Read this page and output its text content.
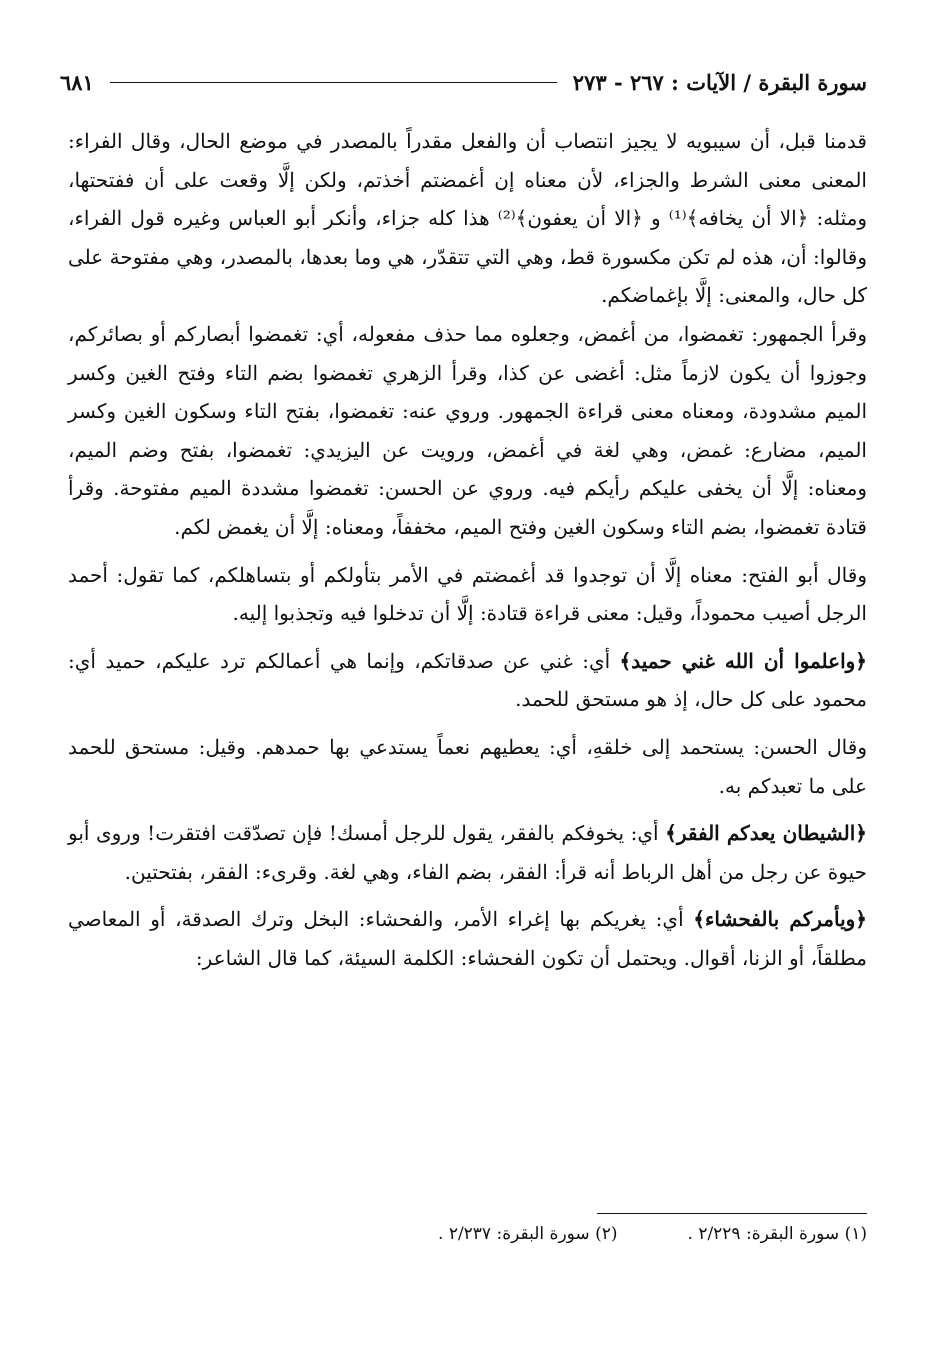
سورة البقرة / الآيات : ٢٦٧ - ٢٧٣
٦٨١

قدمنا قبل، أن سيبويه لا يجيز انتصاب أن والفعل مقدراً بالمصدر في موضع الحال، وقال الفراء: المعنى معنى الشرط والجزاء، لأن معناه إن أغمضتم أخذتم، ولكن إلَّا وقعت على أن ففتحتها، ومثله: ﴿الا أن يخافه﴾⁽¹⁾ و ﴿الا أن يعفون﴾⁽²⁾ هذا كله جزاء، وأنكر أبو العباس وغيره قول الفراء، وقالوا: أن، هذه لم تكن مكسورة قط، وهي التي تتقدّر، هي وما بعدها، بالمصدر، وهي مفتوحة على كل حال، والمعنى: إلَّا بإغماضكم.

وقرأ الجمهور: تغمضوا، من أغمض، وجعلوه مما حذف مفعوله، أي: تغمضوا أبصاركم أو بصائركم، وجوزوا أن يكون لازماً مثل: أغضى عن كذا، وقرأ الزهري تغمضوا بضم التاء وفتح الغين وكسر الميم مشدودة، ومعناه معنى قراءة الجمهور. وروي عنه: تغمضوا، بفتح التاء وسكون الغين وكسر الميم، مضارع: غمض، وهي لغة في أغمض، ورويت عن اليزيدي: تغمضوا، بفتح وضم الميم، ومعناه: إلَّا أن يخفى عليكم رأيكم فيه. وروي عن الحسن: تغمضوا مشددة الميم مفتوحة. وقرأ قتادة تغمضوا، بضم التاء وسكون الغين وفتح الميم، مخففاً، ومعناه: إلَّا أن يغمض لكم.

وقال أبو الفتح: معناه إلَّا أن توجدوا قد أغمضتم في الأمر بتأولكم أو بتساهلكم، كما تقول: أحمد الرجل أصيب محموداً، وقيل: معنى قراءة قتادة: إلَّا أن تدخلوا فيه وتجذبوا إليه.

﴿واعلموا أن الله غني حميد﴾ أي: غني عن صدقاتكم، وإنما هي أعمالكم ترد عليكم، حميد أي: محمود على كل حال، إذ هو مستحق للحمد.

وقال الحسن: يستحمد إلى خلقهِ، أي: يعطيهم نعماً يستدعي بها حمدهم. وقيل: مستحق للحمد على ما تعبدكم به.

﴿الشيطان يعدكم الفقر﴾ أي: يخوفكم بالفقر، يقول للرجل أمسك! فإن تصدّقت افتقرت! وروى أبو حيوة عن رجل من أهل الرباط أنه قرأ: الفقر، بضم الفاء، وهي لغة. وقرىء: الفقر، بفتحتين.

﴿ويأمركم بالفحشاء﴾ أي: يغريكم بها إغراء الأمر، والفحشاء: البخل وترك الصدقة، أو المعاصي مطلقاً، أو الزنا، أقوال. ويحتمل أن تكون الفحشاء: الكلمة السيئة، كما قال الشاعر:

(١) سورة البقرة: ٢/٢٢٩ .
(٢) سورة البقرة: ٢/٢٣٧ .
